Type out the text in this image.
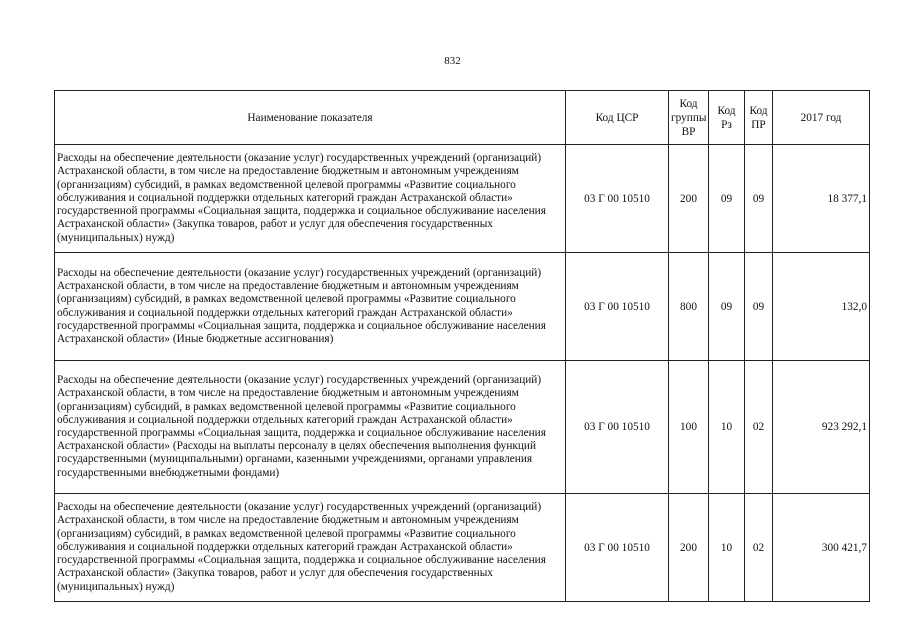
832
Наименование показателя	Код ЦСР	Код группы ВР	Код Рз	Код ПР	2017 год
Расходы на обеспечение деятельности (оказание услуг) государственных учреждений (организаций) Астраханской области, в том числе на предоставление бюджетным и автономным учреждениям (организациям) субсидий, в рамках ведомственной целевой программы «Развитие социального обслуживания и социальной поддержки отдельных категорий граждан Астраханской области» государственной программы «Социальная защита, поддержка и социальное обслуживание населения Астраханской области» (Закупка товаров, работ и услуг для обеспечения государственных (муниципальных) нужд)	03 Г 00 10510	200	09	09	18 377,1
Расходы на обеспечение деятельности (оказание услуг) государственных учреждений (организаций) Астраханской области, в том числе на предоставление бюджетным и автономным учреждениям (организациям) субсидий, в рамках ведомственной целевой программы «Развитие социального обслуживания и социальной поддержки отдельных категорий граждан Астраханской области» государственной программы «Социальная защита, поддержка и социальное обслуживание населения Астраханской области» (Иные бюджетные ассигнования)	03 Г 00 10510	800	09	09	132,0
Расходы на обеспечение деятельности (оказание услуг) государственных учреждений (организаций) Астраханской области, в том числе на предоставление бюджетным и автономным учреждениям (организациям) субсидий, в рамках ведомственной целевой программы «Развитие социального обслуживания и социальной поддержки отдельных категорий граждан Астраханской области» государственной программы «Социальная защита, поддержка и социальное обслуживание населения Астраханской области» (Расходы на выплаты персоналу в целях обеспечения выполнения функций государственными (муниципальными) органами, казенными учреждениями, органами управления государственными внебюджетными фондами)	03 Г 00 10510	100	10	02	923 292,1
Расходы на обеспечение деятельности (оказание услуг) государственных учреждений (организаций) Астраханской области, в том числе на предоставление бюджетным и автономным учреждениям (организациям) субсидий, в рамках ведомственной целевой программы «Развитие социального обслуживания и социальной поддержки отдельных категорий граждан Астраханской области» государственной программы «Социальная защита, поддержка и социальное обслуживание населения Астраханской области» (Закупка товаров, работ и услуг для обеспечения государственных (муниципальных) нужд)	03 Г 00 10510	200	10	02	300 421,7
